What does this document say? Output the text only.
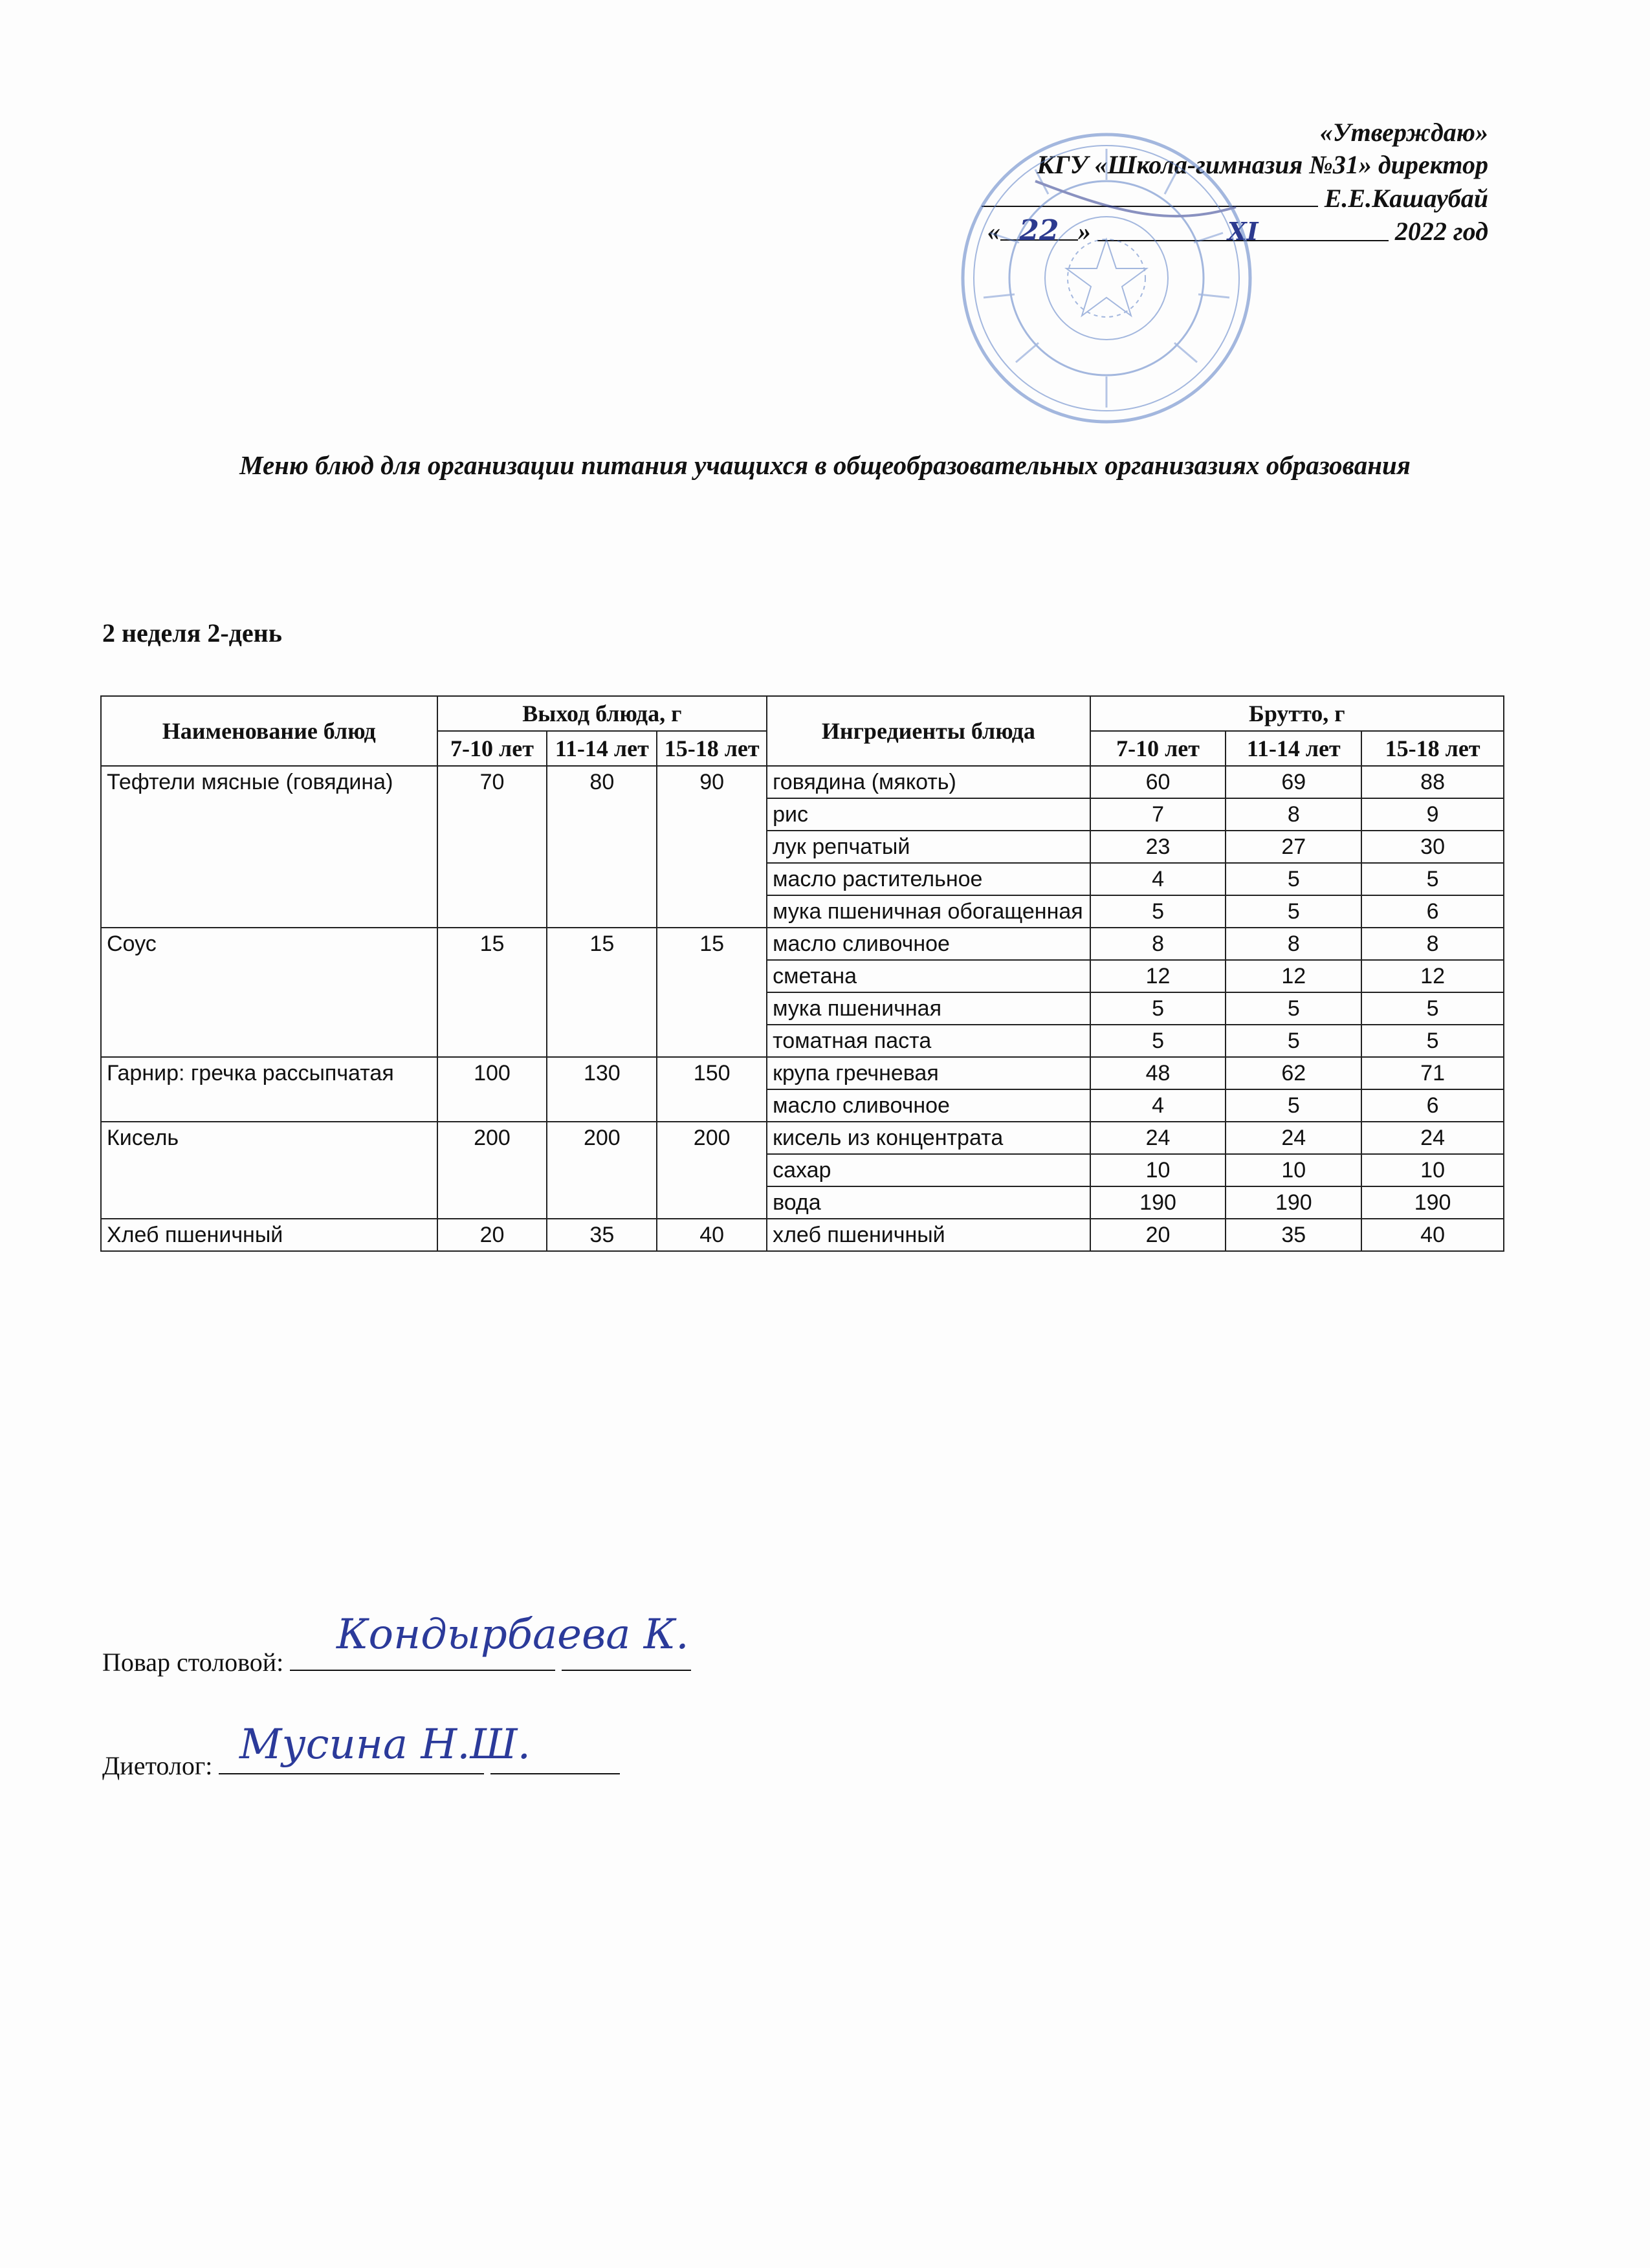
«Утверждаю»
КГУ «Школа-гимназия №31» директор
Е.Е.Кашаубай
« 22 »	XI	2022 год
Меню блюд для организации питания учащихся в общеобразовательных организазиях образования
2 неделя 2-день
Наименование блюд	Выход блюда, г			Ингредиенты блюда	Брутто, г		
	7-10 лет	11-14 лет	15-18 лет		7-10 лет	11-14 лет	15-18 лет
Тефтели мясные (говядина)	70	80	90	говядина (мякоть)	60	69	88
				рис	7	8	9
				лук репчатый	23	27	30
				масло растительное	4	5	5
				мука пшеничная обогащенная	5	5	6
Соус	15	15	15	масло сливочное	8	8	8
				сметана	12	12	12
				мука пшеничная	5	5	5
				томатная паста	5	5	5
Гарнир: гречка рассыпчатая	100	130	150	крупа гречневая	48	62	71
				масло сливочное	4	5	6
Кисель	200	200	200	кисель из концентрата	24	24	24
				сахар	10	10	10
				вода	190	190	190
Хлеб пшеничный	20	35	40	хлеб пшеничный	20	35	40
Повар столовой:
Кондырбаева К.
Диетолог: Мусина Н.Ш.
